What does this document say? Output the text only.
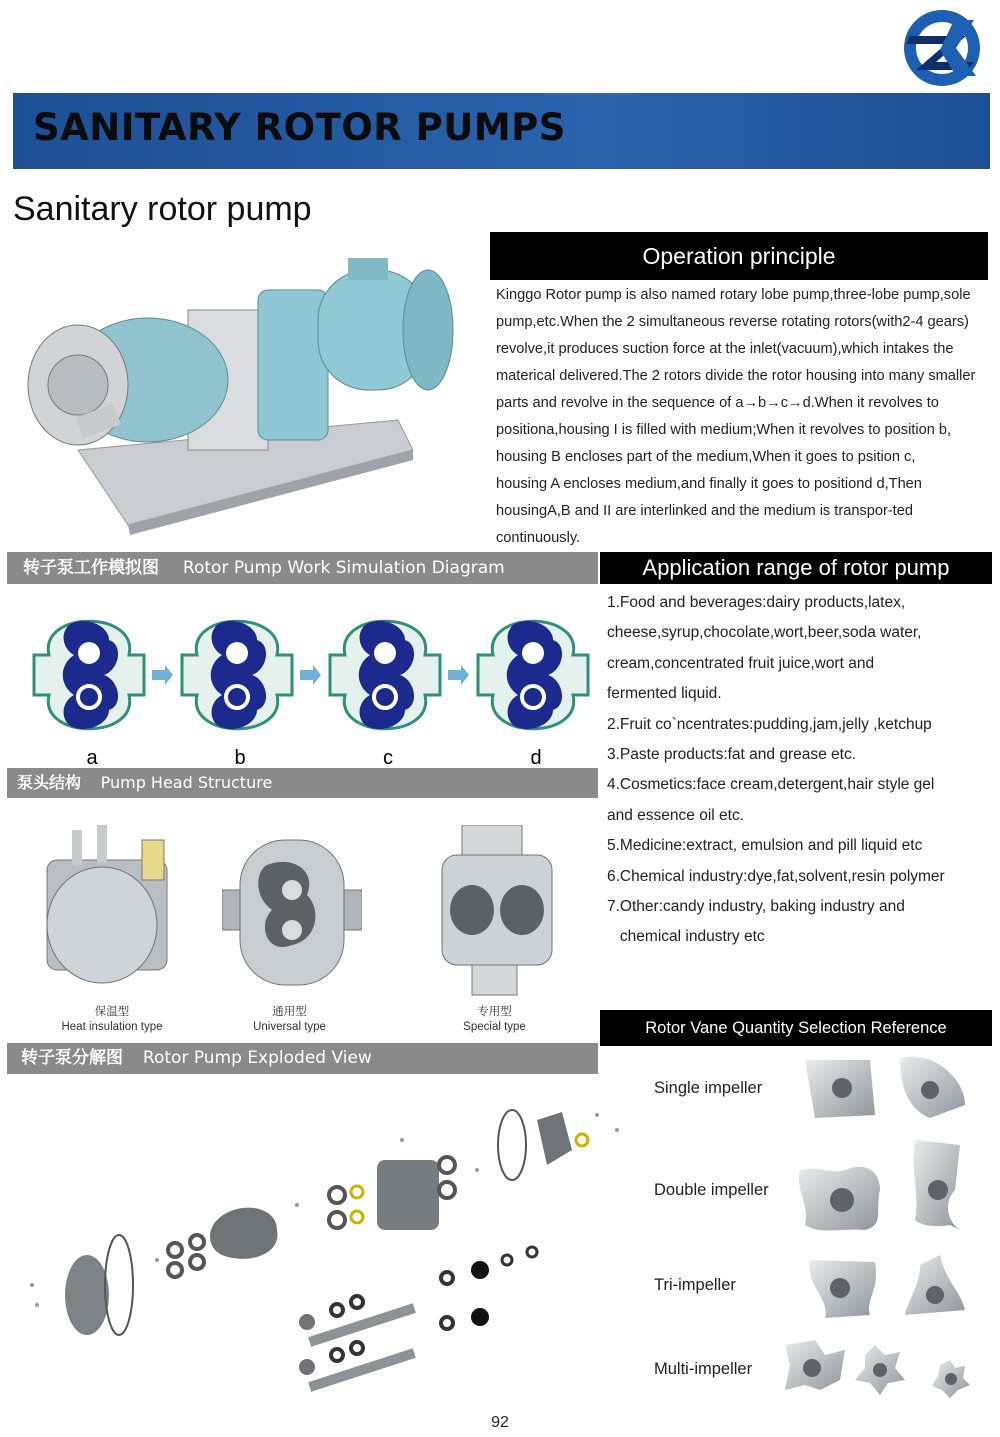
SANITARY ROTOR PUMPS
Sanitary rotor pump
Operation principle
Kinggo Rotor pump is also named rotary lobe pump,three-lobe pump,sole
pump,etc.When the 2 simultaneous reverse rotating rotors(with2-4 gears)
revolve,it produces suction force at the inlet(vacuum),which intakes the
materical delivered.The 2 rotors divide the rotor housing into many smaller
parts and revolve in the sequence of a→b→c→d.When it revolves to
positiona,housing I is filled with medium;When it revolves to position b,
housing B encloses part of the medium,When it goes to psition c,
housing A encloses medium,and finally it goes to positiond d,Then
housingA,B and II are interlinked and the medium is transpor-ted
continuously.
转子泵工作模拟图 Rotor Pump Work Simulation Diagram	Application range of rotor pump
a	b	c	d
泵头结构 Pump Head Structure
1.Food and beverages:dairy products,latex,
cheese,syrup,chocolate,wort,beer,soda water,
cream,concentrated fruit juice,wort and
fermented liquid.
2.Fruit co`ncentrates:pudding,jam,jelly ,ketchup
3.Paste products:fat and grease etc.
4.Cosmetics:face cream,detergent,hair style gel
and essence oil etc.
5.Medicine:extract, emulsion and pill liquid etc
6.Chemical industry:dye,fat,solvent,resin polymer
7.Other:candy industry, baking industry and
chemical industry etc
保温型
Heat insulation type
通用型
Universal type
专用型
Special type	Rotor Vane Quantity Selection Reference
转子泵分解图 Rotor Pump Exploded View
Single impeller
Double impeller
Tri-impeller
Multi-impeller
92
